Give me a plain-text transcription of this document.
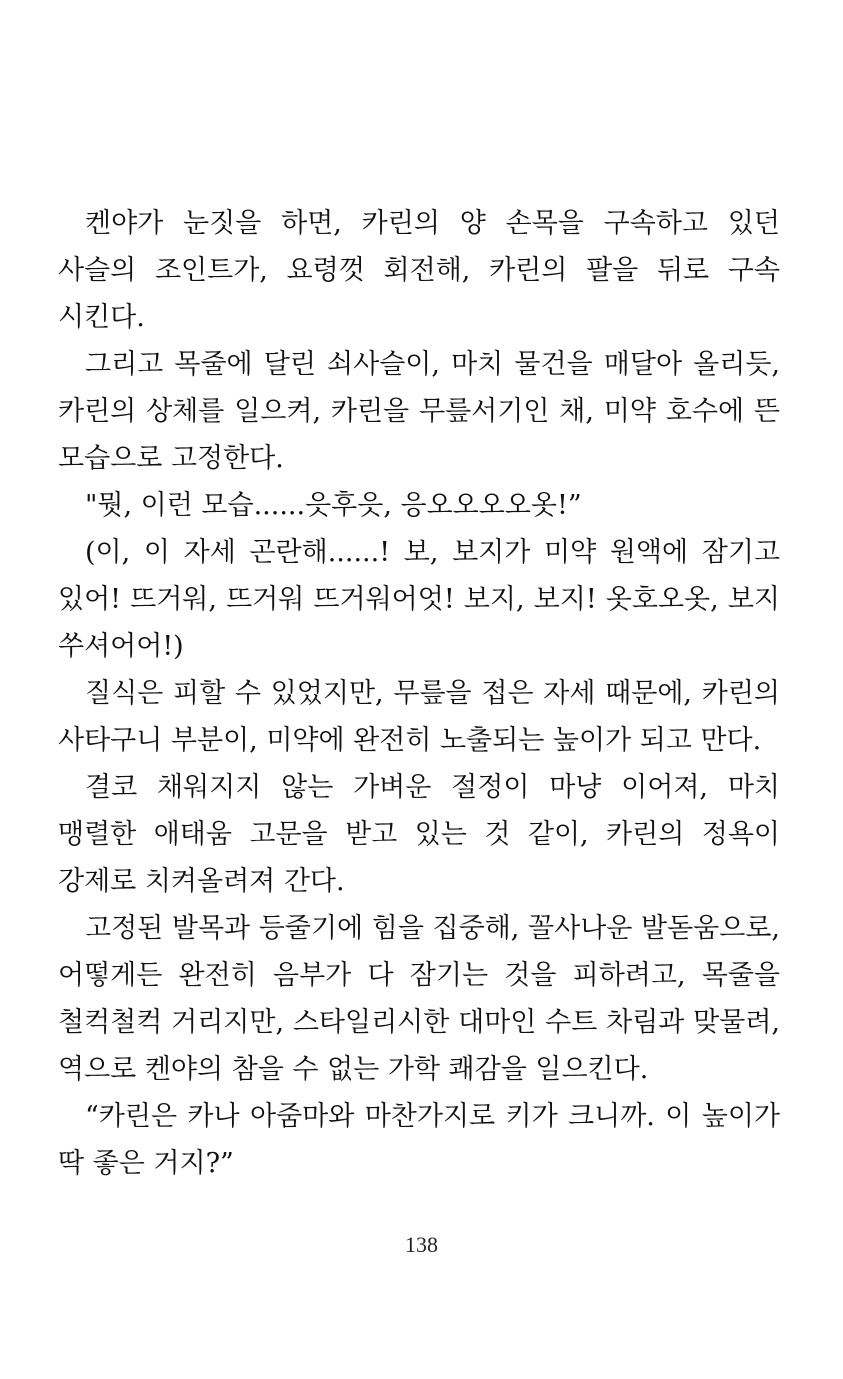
켄야가 눈짓을 하면, 카린의 양 손목을 구속하고 있던
사슬의 조인트가, 요령껏 회전해, 카린의 팔을 뒤로 구속
시킨다.
그리고 목줄에 달린 쇠사슬이, 마치 물건을 매달아 올리듯,
카린의 상체를 일으켜, 카린을 무릎서기인 채, 미약 호수에 뜬
모습으로 고정한다.
"뭣, 이런 모습......읏후읏, 응오오오오옷!”
(이, 이 자세 곤란해......! 보, 보지가 미약 원액에 잠기고
있어! 뜨거워, 뜨거워 뜨거워어엇! 보지, 보지! 옷호오옷, 보지
쑤셔어어!)
질식은 피할 수 있었지만, 무릎을 접은 자세 때문에, 카린의
사타구니 부분이, 미약에 완전히 노출되는 높이가 되고 만다.
결코 채워지지 않는 가벼운 절정이 마냥 이어져, 마치
맹렬한 애태움 고문을 받고 있는 것 같이, 카린의 정욕이
강제로 치켜올려져 간다.
고정된 발목과 등줄기에 힘을 집중해, 꼴사나운 발돋움으로,
어떻게든 완전히 음부가 다 잠기는 것을 피하려고, 목줄을
철컥철컥 거리지만, 스타일리시한 대마인 수트 차림과 맞물려,
역으로 켄야의 참을 수 없는 가학 쾌감을 일으킨다.
“카린은 카나 아줌마와 마찬가지로 키가 크니까. 이 높이가
딱 좋은 거지?”
138
